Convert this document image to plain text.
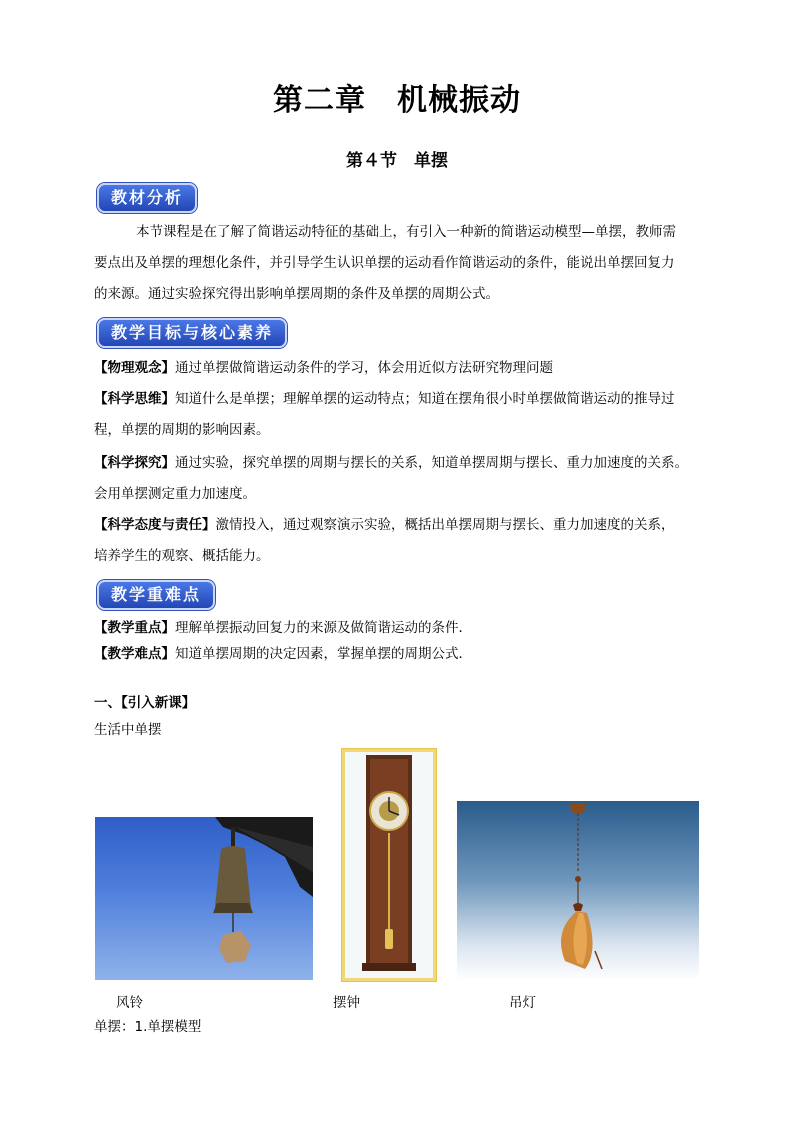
第二章　机械振动
第４节　单摆
教材分析
本节课程是在了解了简谐运动特征的基础上，有引入一种新的简谐运动模型—单摆，教师需
要点出及单摆的理想化条件，并引导学生认识单摆的运动看作简谐运动的条件，能说出单摆回复力
的来源。通过实验探究得出影响单摆周期的条件及单摆的周期公式。
教学目标与核心素养
【物理观念】通过单摆做简谐运动条件的学习，体会用近似方法研究物理问题
【科学思维】知道什么是单摆；理解单摆的运动特点；知道在摆角很小时单摆做简谐运动的推导过
程，单摆的周期的影响因素。
【科学探究】通过实验，探究单摆的周期与摆长的关系，知道单摆周期与摆长、重力加速度的关系。
会用单摆测定重力加速度。
【科学态度与责任】激情投入，通过观察演示实验，概括出单摆周期与摆长、重力加速度的关系，
培养学生的观察、概括能力。
教学重难点
【教学重点】理解单摆振动回复力的来源及做简谐运动的条件．
【教学难点】知道单摆周期的决定因素，掌握单摆的周期公式．
一、【引入新课】
生活中单摆
风铃	摆钟	吊灯
单摆：1.单摆模型
